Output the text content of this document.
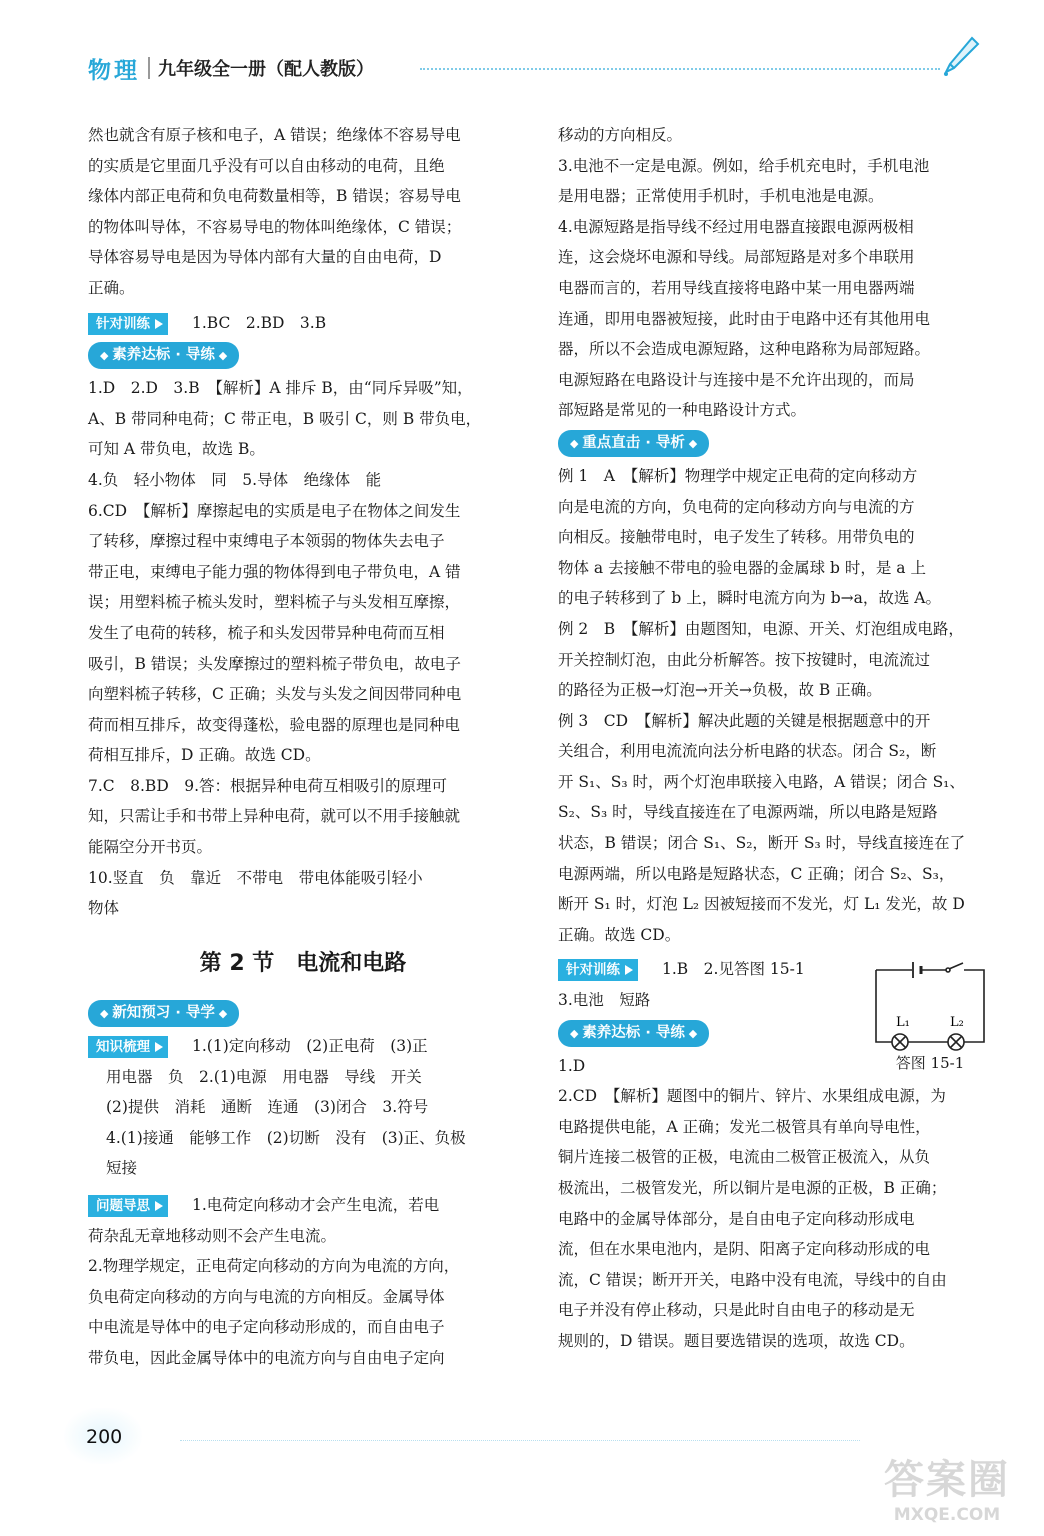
物理 九年级全一册（配人教版）

然也就含有原子核和电子，A 错误；绝缘体不容易导电

的实质是它里面几乎没有可以自由移动的电荷，且绝

缘体内部正电荷和负电荷数量相等，B 错误；容易导电

的物体叫导体，不容易导电的物体叫绝缘体，C 错误；

导体容易导电是因为导体内部有大量的自由电荷，D

正确。

针对训练	1.BC　2.BD　3.B

◆ 素养达标 · 导练 ◆

1.D　2.D　3.B　【解析】A 排斥 B，由“同斥异吸”知，

A、B 带同种电荷；C 带正电，B 吸引 C，则 B 带负电，

可知 A 带负电，故选 B。

4.负　轻小物体　同　5.导体　绝缘体　能

6.CD　【解析】摩擦起电的实质是电子在物体之间发生

了转移，摩擦过程中束缚电子本领弱的物体失去电子

带正电，束缚电子能力强的物体得到电子带负电，A 错

误；用塑料梳子梳头发时，塑料梳子与头发相互摩擦，

发生了电荷的转移，梳子和头发因带异种电荷而互相

吸引，B 错误；头发摩擦过的塑料梳子带负电，故电子

向塑料梳子转移，C 正确；头发与头发之间因带同种电

荷而相互排斥，故变得蓬松，验电器的原理也是同种电

荷相互排斥，D 正确。故选 CD。

7.C　8.BD　9.答：根据异种电荷互相吸引的原理可

知，只需让手和书带上异种电荷，就可以不用手接触就

能隔空分开书页。

10.竖直　负　靠近　不带电　带电体能吸引轻小

物体

第 2 节　电流和电路
◆ 新知预习 · 导学 ◆

知识梳理	1.(1)定向移动　(2)正电荷　(3)正

用电器　负　2.(1)电源　用电器　导线　开关

(2)提供　消耗　通断　连通　(3)闭合　3.符号

4.(1)接通　能够工作　(2)切断　没有　(3)正、负极

短接

问题导思	1.电荷定向移动才会产生电流，若电

荷杂乱无章地移动则不会产生电流。

2.物理学规定，正电荷定向移动的方向为电流的方向，

负电荷定向移动的方向与电流的方向相反。金属导体

中电流是导体中的电子定向移动形成的，而自由电子

带负电，因此金属导体中的电流方向与自由电子定向

移动的方向相反。

3.电池不一定是电源。例如，给手机充电时，手机电池

是用电器；正常使用手机时，手机电池是电源。

4.电源短路是指导线不经过用电器直接跟电源两极相

连，这会烧坏电源和导线。局部短路是对多个串联用

电器而言的，若用导线直接将电路中某一用电器两端

连通，即用电器被短接，此时由于电路中还有其他用电

器，所以不会造成电源短路，这种电路称为局部短路。

电源短路在电路设计与连接中是不允许出现的，而局

部短路是常见的一种电路设计方式。

◆ 重点直击 · 导析 ◆

例 1　A　【解析】物理学中规定正电荷的定向移动方

向是电流的方向，负电荷的定向移动方向与电流的方

向相反。接触带电时，电子发生了转移。用带负电的

物体 a 去接触不带电的验电器的金属球 b 时，是 a 上

的电子转移到了 b 上，瞬时电流方向为 b→a，故选 A。

例 2　B　【解析】由题图知，电源、开关、灯泡组成电路，

开关控制灯泡，由此分析解答。按下按键时，电流流过

的路径为正极→灯泡→开关→负极，故 B 正确。

例 3　CD　【解析】解决此题的关键是根据题意中的开

关组合，利用电流流向法分析电路的状态。闭合 S₂，断

开 S₁、S₃ 时，两个灯泡串联接入电路，A 错误；闭合 S₁、

S₂、S₃ 时，导线直接连在了电源两端，所以电路是短路

状态，B 错误；闭合 S₁、S₂，断开 S₃ 时，导线直接连在了

电源两端，所以电路是短路状态，C 正确；闭合 S₂、S₃，

断开 S₁ 时，灯泡 L₂ 因被短接而不发光，灯 L₁ 发光，故 D

正确。故选 CD。

针对训练	1.B　2.见答图 15-1

3.电池　短路

◆ 素养达标 · 导练 ◆

1.D

2.CD　【解析】题图中的铜片、锌片、水果组成电源，为

电路提供电能，A 正确；发光二极管具有单向导电性，

铜片连接二极管的正极，电流由二极管正极流入，从负

极流出，二极管发光，所以铜片是电源的正极，B 正确；

电路中的金属导体部分，是自由电子定向移动形成电

流，但在水果电池内，是阴、阳离子定向移动形成的电

流，C 错误；断开开关，电路中没有电流，导线中的自由

电子并没有停止移动，只是此时自由电子的移动是无

规则的，D 错误。题目要选错误的选项，故选 CD。

L₁	L₂
答图 15-1
200
答案圈
MXQE.COM
